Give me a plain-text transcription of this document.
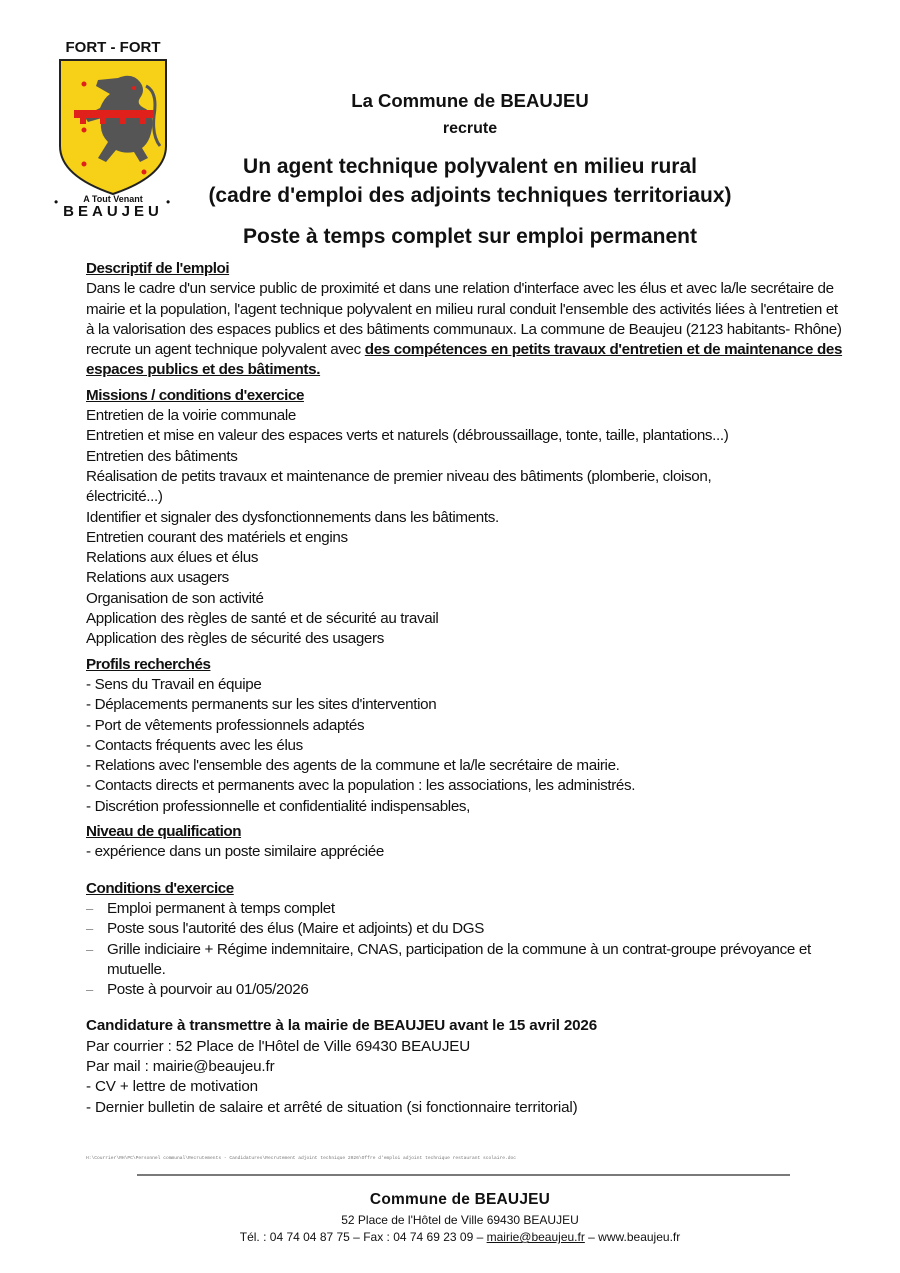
FORT - FORT
A Tout Venant
•	•
BEAUJEU
La Commune de BEAUJEU
recrute
Un agent technique polyvalent en milieu rural
(cadre d'emploi des adjoints techniques territoriaux)
Poste à temps complet sur emploi permanent
Descriptif de l'emploi

Dans le cadre d'un service public de proximité et dans une relation d'interface avec les élus et avec la/le secrétaire de mairie et la population, l'agent technique polyvalent en milieu rural conduit l'ensemble des activités liées à l'entretien et à la valorisation des espaces publics et des bâtiments communaux. La commune de Beaujeu (2123 habitants- Rhône) recrute un agent technique polyvalent avec des compétences en petits travaux d'entretien et de maintenance des espaces publics et des bâtiments.

Missions / conditions d'exercice
Entretien de la voirie communale
Entretien et mise en valeur des espaces verts et naturels (débroussaillage, tonte, taille, plantations...)
Entretien des bâtiments
Réalisation de petits travaux et maintenance de premier niveau des bâtiments (plomberie, cloison, électricité...)
Identifier et signaler des dysfonctionnements dans les bâtiments.
Entretien courant des matériels et engins
Relations aux élues et élus
Relations aux usagers
Organisation de son activité
Application des règles de santé et de sécurité au travail
Application des règles de sécurité des usagers
Profils recherchés
- Sens du Travail en équipe
- Déplacements permanents sur les sites d'intervention
- Port de vêtements professionnels adaptés
- Contacts fréquents avec les élus
- Relations avec l'ensemble des agents de la commune et la/le secrétaire de mairie.
- Contacts directs et permanents avec la population : les associations, les administrés.
- Discrétion professionnelle et confidentialité indispensables,
Niveau de qualification
- expérience dans un poste similaire appréciée
Conditions d'exercice
– Emploi permanent à temps complet
– Poste sous l'autorité des élus (Maire et adjoints) et du DGS
– Grille indiciaire + Régime indemnitaire, CNAS, participation de la commune à un contrat-groupe prévoyance et mutuelle.
– Poste à pourvoir au 01/05/2026
Candidature à transmettre à la mairie de BEAUJEU avant le 15 avril 2026
Par courrier : 52 Place de l'Hôtel de Ville 69430 BEAUJEU
Par mail : mairie@beaujeu.fr
- CV + lettre de motivation
- Dernier bulletin de salaire et arrêté de situation (si fonctionnaire territorial)
H:\Courrier\RH\PC\Personnel communal\Recrutements - Candidatures\Recrutement adjoint technique 2026\Offre d'emploi adjoint technique restaurant scolaire.doc
Commune de BEAUJEU
52 Place de l'Hôtel de Ville 69430 BEAUJEU
Tél. : 04 74 04 87 75 – Fax : 04 74 69 23 09 – mairie@beaujeu.fr – www.beaujeu.fr
